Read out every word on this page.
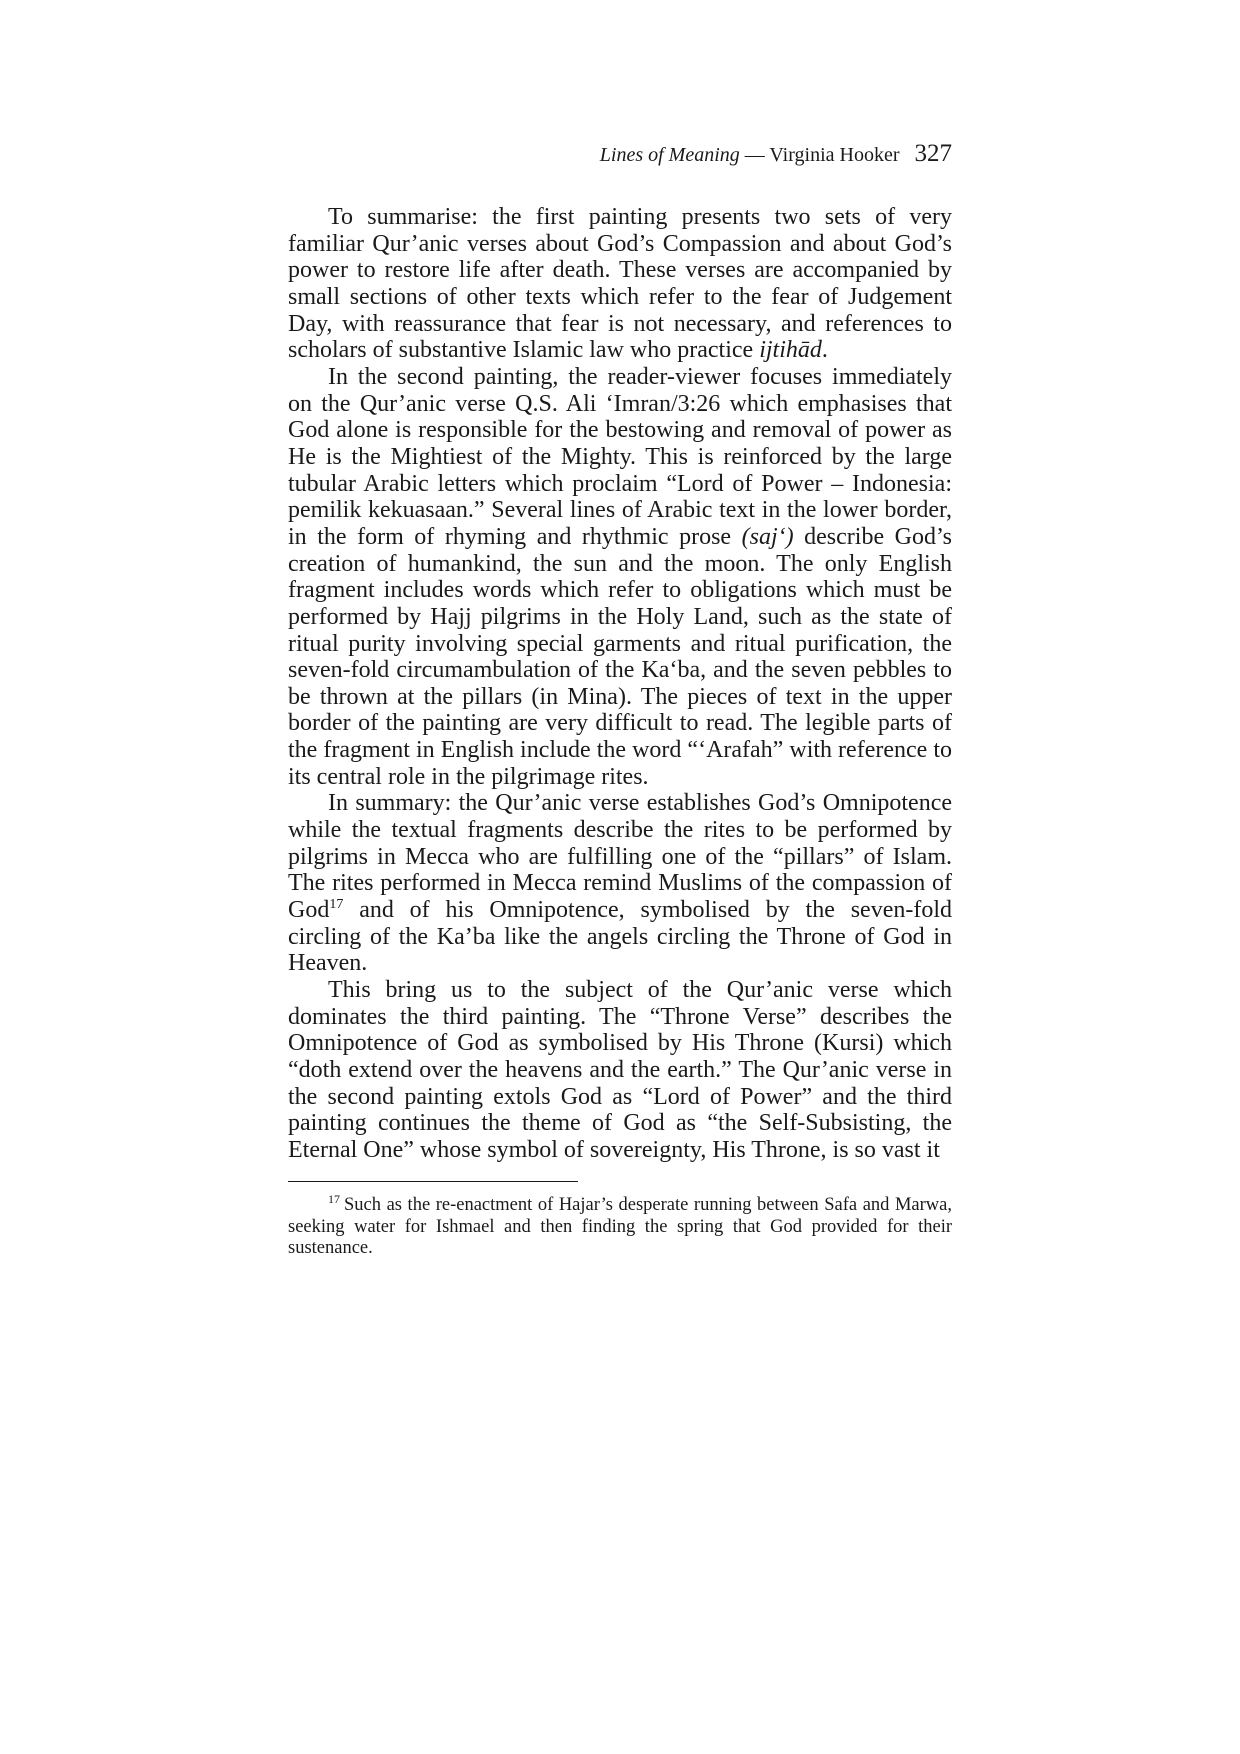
Lines of Meaning — Virginia Hooker 327

To summarise: the first painting presents two sets of very familiar Qur’anic verses about God’s Compassion and about God’s power to restore life after death. These verses are accompanied by small sections of other texts which refer to the fear of Judgement Day, with reassurance that fear is not necessary, and references to scholars of substantive Islamic law who practice ijtihād.

In the second painting, the reader-viewer focuses immediately on the Qur’anic verse Q.S. Ali ‘Imran/3:26 which emphasises that God alone is responsible for the bestowing and removal of power as He is the Mightiest of the Mighty. This is reinforced by the large tubular Arabic letters which proclaim “Lord of Power – Indonesia: pemilik kekuasaan.” Several lines of Arabic text in the lower border, in the form of rhyming and rhythmic prose (saj‘) describe God’s creation of humankind, the sun and the moon. The only English fragment includes words which refer to obligations which must be performed by Hajj pilgrims in the Holy Land, such as the state of ritual purity involving special garments and ritual purification, the seven-fold circumambulation of the Ka‘ba, and the seven pebbles to be thrown at the pillars (in Mina). The pieces of text in the upper border of the painting are very difficult to read. The legible parts of the fragment in English include the word “‘Arafah” with reference to its central role in the pilgrimage rites.

In summary: the Qur’anic verse establishes God’s Omnipotence while the textual fragments describe the rites to be performed by pilgrims in Mecca who are fulfilling one of the “pillars” of Islam. The rites performed in Mecca remind Muslims of the compassion of God$^{17}$ and of his Omnipotence, symbolised by the seven-fold circling of the Ka’ba like the angels circling the Throne of God in Heaven.

This bring us to the subject of the Qur’anic verse which dominates the third painting. The “Throne Verse” describes the Omnipotence of God as symbolised by His Throne (Kursi) which “doth extend over the heavens and the earth.” The Qur’anic verse in the second painting extols God as “Lord of Power” and the third painting continues the theme of God as “the Self-Subsisting, the Eternal One” whose symbol of sovereignty, His Throne, is so vast it

$^{17}$ Such as the re-enactment of Hajar’s desperate running between Safa and Marwa, seeking water for Ishmael and then finding the spring that God provided for their sustenance.
